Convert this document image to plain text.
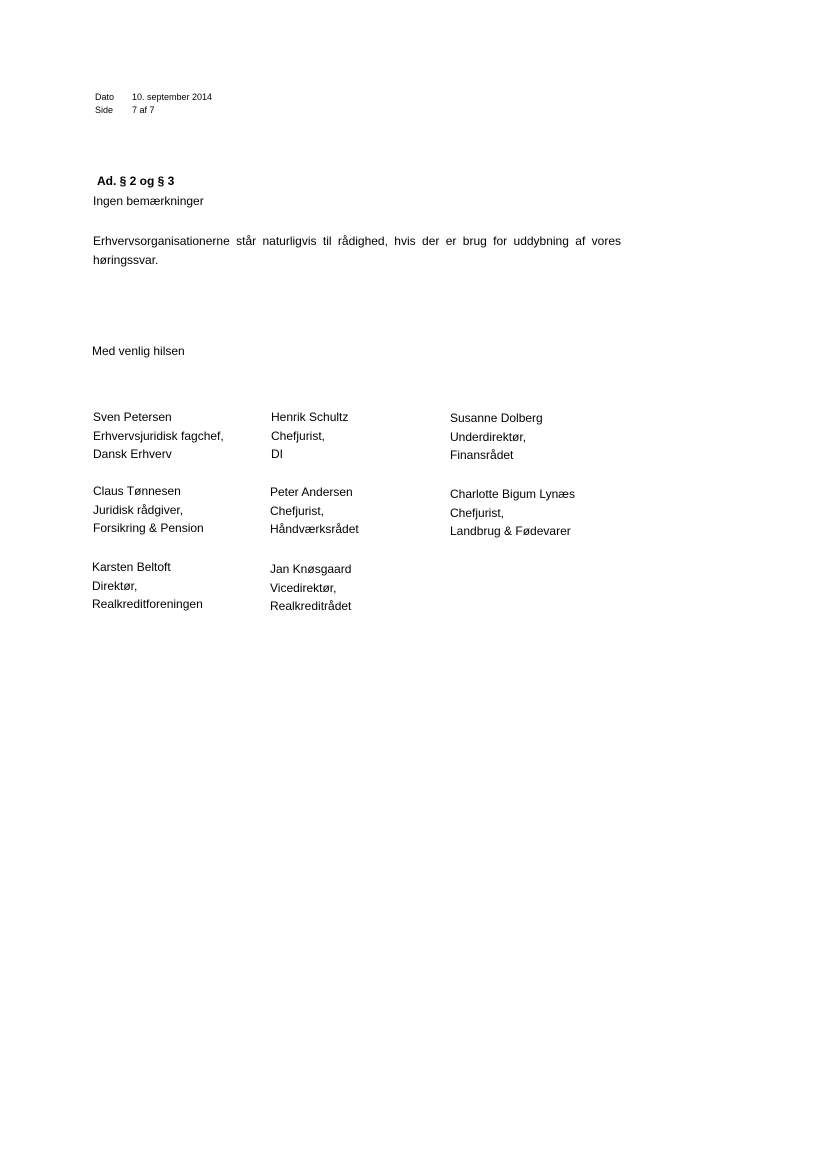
Dato	10. september 2014
Side	7 af 7
Ad. § 2 og § 3
Ingen bemærkninger
Erhvervsorganisationerne står naturligvis til rådighed, hvis der er brug for uddybning af vores
høringssvar.
Med venlig hilsen
Sven Petersen
Erhvervsjuridisk fagchef,
Dansk Erhverv
Henrik Schultz
Chefjurist,
DI
Susanne Dolberg
Underdirektør,
Finansrådet
Claus Tønnesen
Juridisk rådgiver,
Forsikring & Pension
Peter Andersen
Chefjurist,
Håndværksrådet
Charlotte Bigum Lynæs
Chefjurist,
Landbrug & Fødevarer
Karsten Beltoft
Direktør,
Realkreditforeningen
Jan Knøsgaard
Vicedirektør,
Realkreditrådet
